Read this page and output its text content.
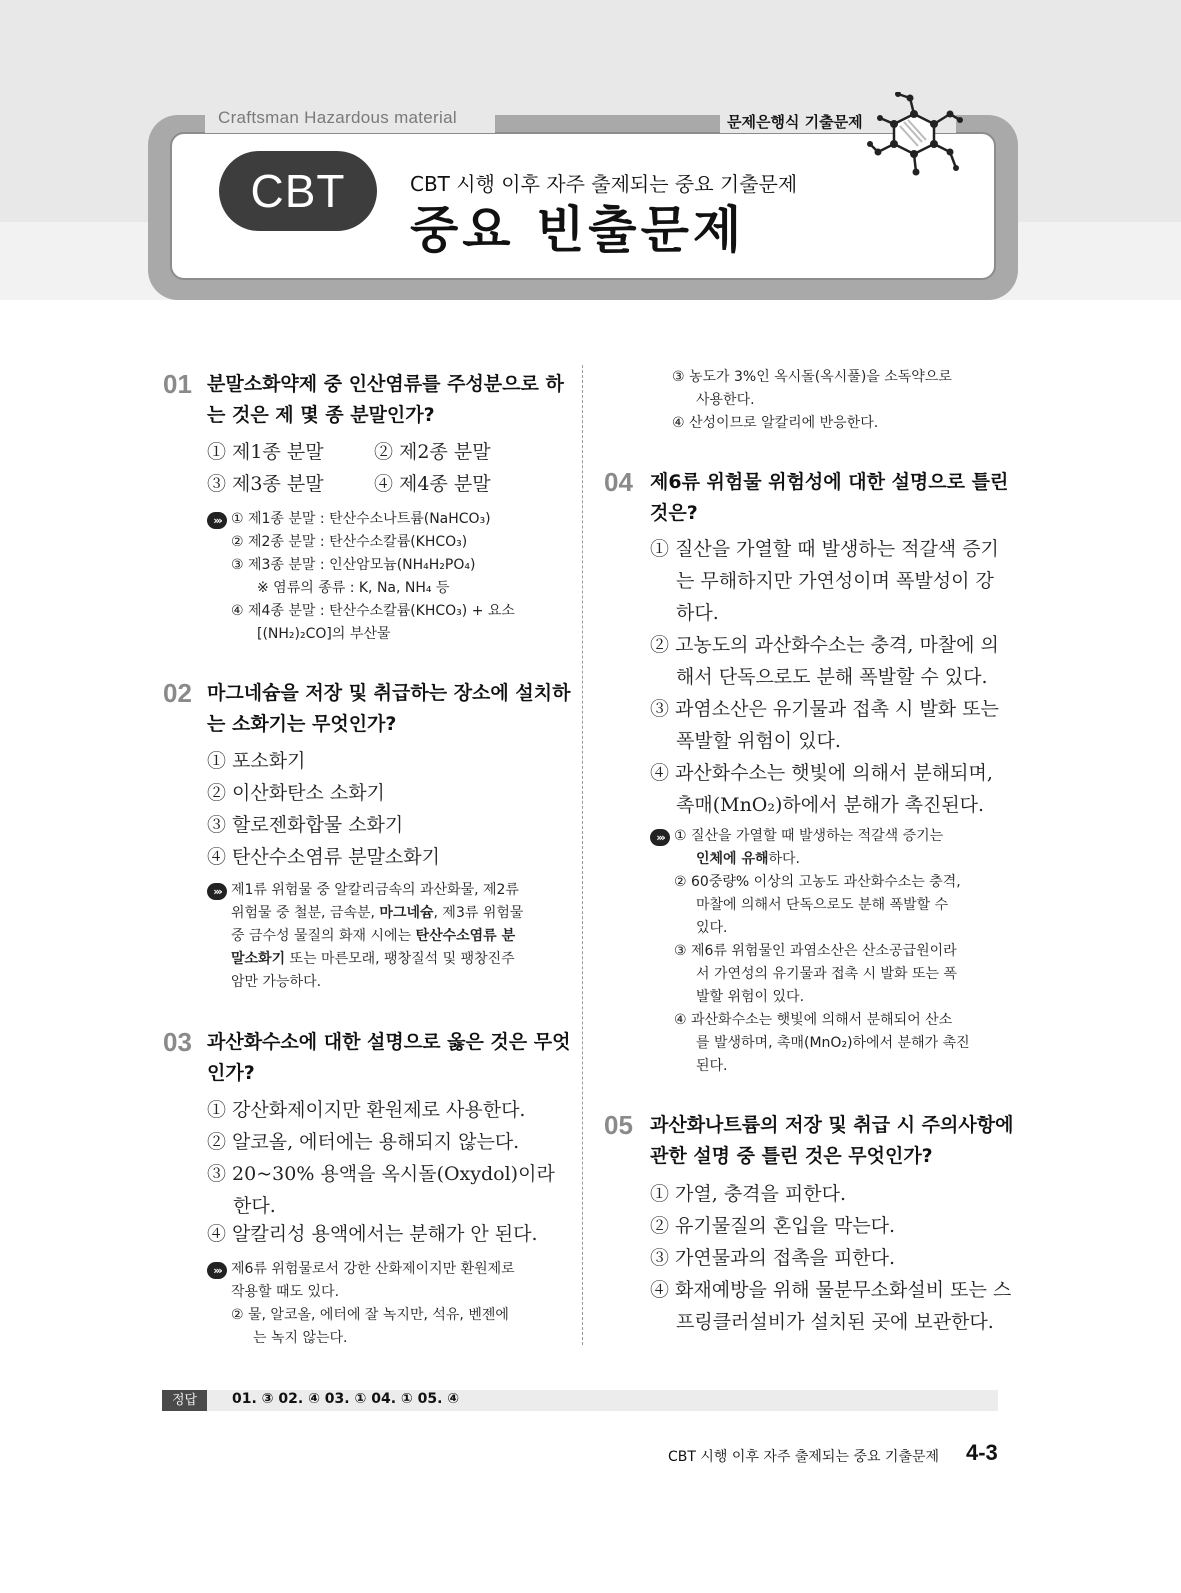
Craftsman Hazardous material	문제은행식 기출문제
CBT	CBT 시행 이후 자주 출제되는 중요 기출문제
중요 빈출문제
01 분말소화약제 중 인산염류를 주성분으로 하
는 것은 제 몇 종 분말인가?
① 제1종 분말	② 제2종 분말
③ 제3종 분말	④ 제4종 분말
››› ① 제1종 분말 : 탄산수소나트륨(NaHCO₃)
② 제2종 분말 : 탄산수소칼륨(KHCO₃)
③ 제3종 분말 : 인산암모늄(NH₄H₂PO₄)
※ 염류의 종류 : K, Na, NH₄ 등
④ 제4종 분말 : 탄산수소칼륨(KHCO₃) + 요소
[(NH₂)₂CO]의 부산물
02 마그네슘을 저장 및 취급하는 장소에 설치하
는 소화기는 무엇인가?
① 포소화기
② 이산화탄소 소화기
③ 할로젠화합물 소화기
④ 탄산수소염류 분말소화기
››› 제1류 위험물 중 알칼리금속의 과산화물, 제2류
위험물 중 철분, 금속분, 마그네슘, 제3류 위험물
중 금수성 물질의 화재 시에는 탄산수소염류 분
말소화기 또는 마른모래, 팽창질석 및 팽창진주
암만 가능하다.
03 과산화수소에 대한 설명으로 옳은 것은 무엇
인가?
① 강산화제이지만 환원제로 사용한다.
② 알코올, 에터에는 용해되지 않는다.
③ 20~30% 용액을 옥시돌(Oxydol)이라
한다.
④ 알칼리성 용액에서는 분해가 안 된다.
››› 제6류 위험물로서 강한 산화제이지만 환원제로
작용할 때도 있다.
② 물, 알코올, 에터에 잘 녹지만, 석유, 벤젠에
는 녹지 않는다.
③ 농도가 3%인 옥시돌(옥시풀)을 소독약으로
사용한다.
④ 산성이므로 알칼리에 반응한다.
04 제6류 위험물 위험성에 대한 설명으로 틀린
것은?
① 질산을 가열할 때 발생하는 적갈색 증기
는 무해하지만 가연성이며 폭발성이 강
하다.
② 고농도의 과산화수소는 충격, 마찰에 의
해서 단독으로도 분해 폭발할 수 있다.
③ 과염소산은 유기물과 접촉 시 발화 또는
폭발할 위험이 있다.
④ 과산화수소는 햇빛에 의해서 분해되며,
촉매(MnO₂)하에서 분해가 촉진된다.
››› ① 질산을 가열할 때 발생하는 적갈색 증기는
인체에 유해하다.
② 60중량% 이상의 고농도 과산화수소는 충격,
마찰에 의해서 단독으로도 분해 폭발할 수
있다.
③ 제6류 위험물인 과염소산은 산소공급원이라
서 가연성의 유기물과 접촉 시 발화 또는 폭
발할 위험이 있다.
④ 과산화수소는 햇빛에 의해서 분해되어 산소
를 발생하며, 촉매(MnO₂)하에서 분해가 촉진
된다.
05 과산화나트륨의 저장 및 취급 시 주의사항에
관한 설명 중 틀린 것은 무엇인가?
① 가열, 충격을 피한다.
② 유기물질의 혼입을 막는다.
③ 가연물과의 접촉을 피한다.
④ 화재예방을 위해 물분무소화설비 또는 스
프링클러설비가 설치된 곳에 보관한다.
정답	01. ③ 02. ④ 03. ① 04. ① 05. ④
CBT 시행 이후 자주 출제되는 중요 기출문제 4-3
